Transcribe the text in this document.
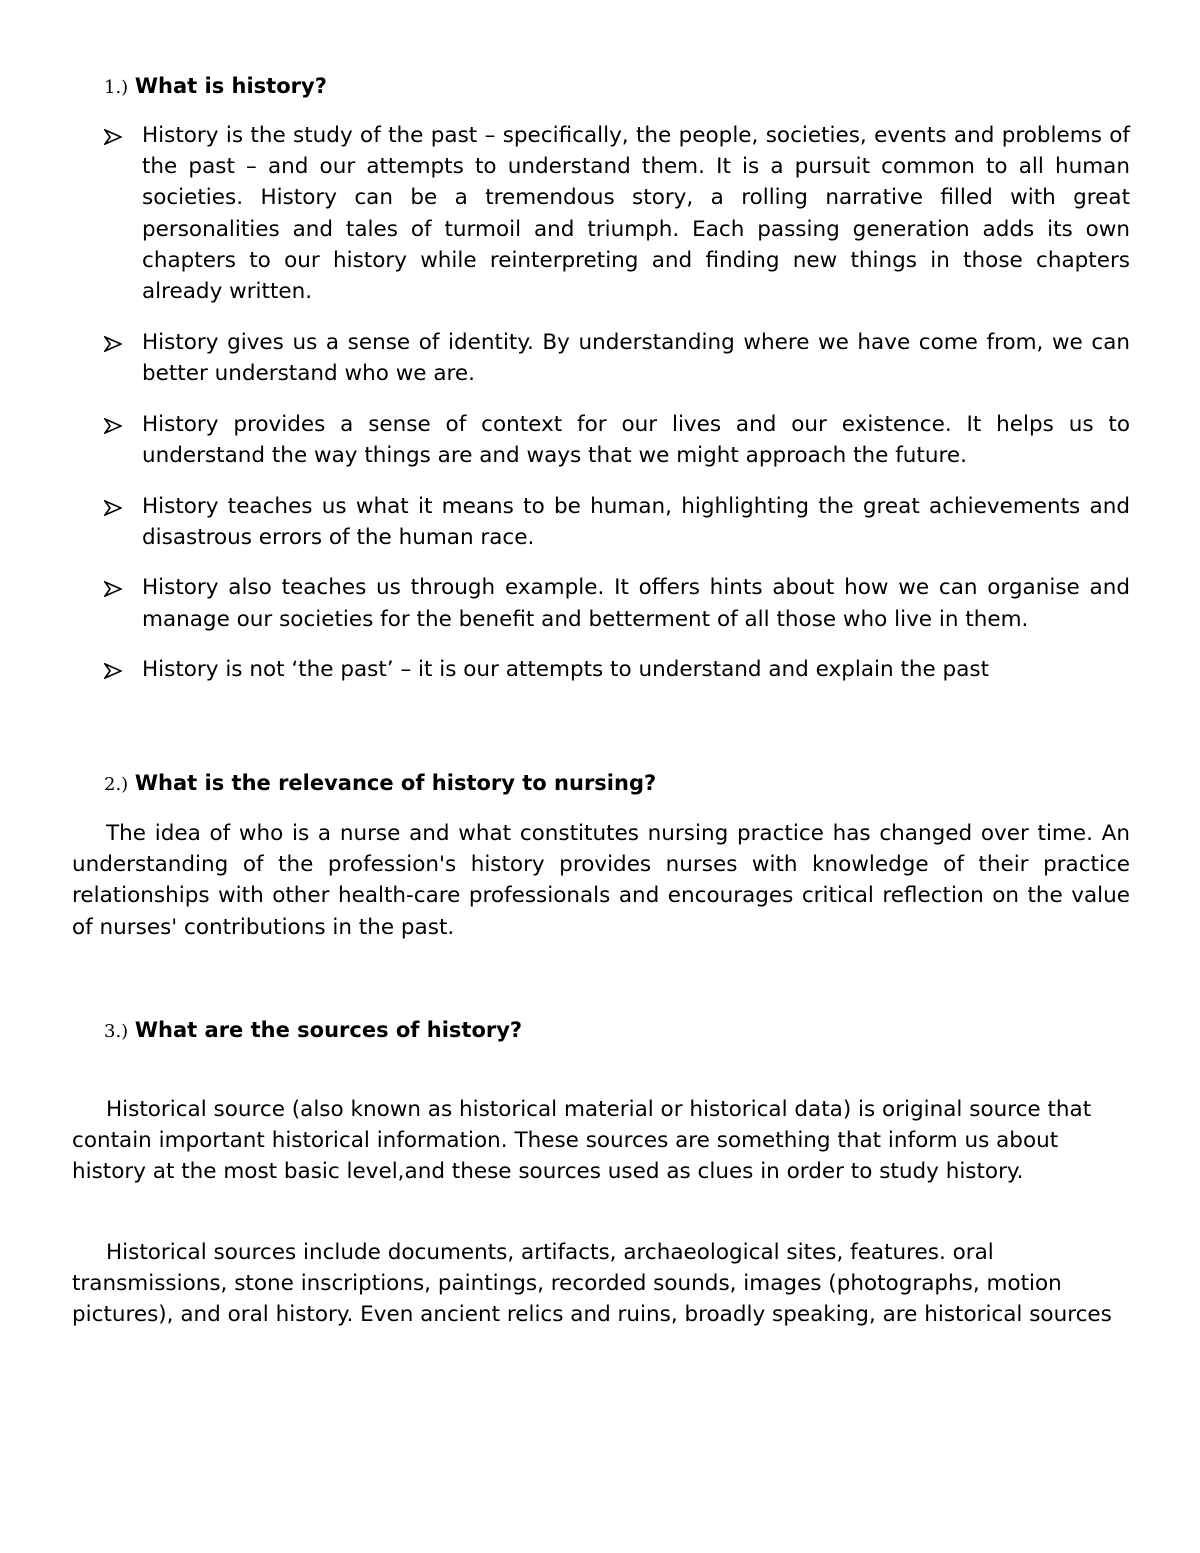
1.) What is history?
History is the study of the past – specifically, the people, societies, events and problems of the past – and our attempts to understand them. It is a pursuit common to all human societies. History can be a tremendous story, a rolling narrative filled with great personalities and tales of turmoil and triumph. Each passing generation adds its own chapters to our history while reinterpreting and finding new things in those chapters already written.
History gives us a sense of identity. By understanding where we have come from, we can better understand who we are.
History provides a sense of context for our lives and our existence. It helps us to understand the way things are and ways that we might approach the future.
History teaches us what it means to be human, highlighting the great achievements and disastrous errors of the human race.
History also teaches us through example. It offers hints about how we can organise and manage our societies for the benefit and betterment of all those who live in them.
History is not ‘the past’ – it is our attempts to understand and explain the past
2.) What is the relevance of history to nursing?

The idea of who is a nurse and what constitutes nursing practice has changed over time. An understanding of the profession's history provides nurses with knowledge of their practice relationships with other health-care professionals and encourages critical reflection on the value of nurses' contributions in the past.

3.) What are the sources of history?

Historical source (also known as historical material or historical data) is original source that contain important historical information. These sources are something that inform us about history at the most basic level,and these sources used as clues in order to study history.

Historical sources include documents, artifacts, archaeological sites, features. oral transmissions, stone inscriptions, paintings, recorded sounds, images (photographs, motion pictures), and oral history. Even ancient relics and ruins, broadly speaking, are historical sources
